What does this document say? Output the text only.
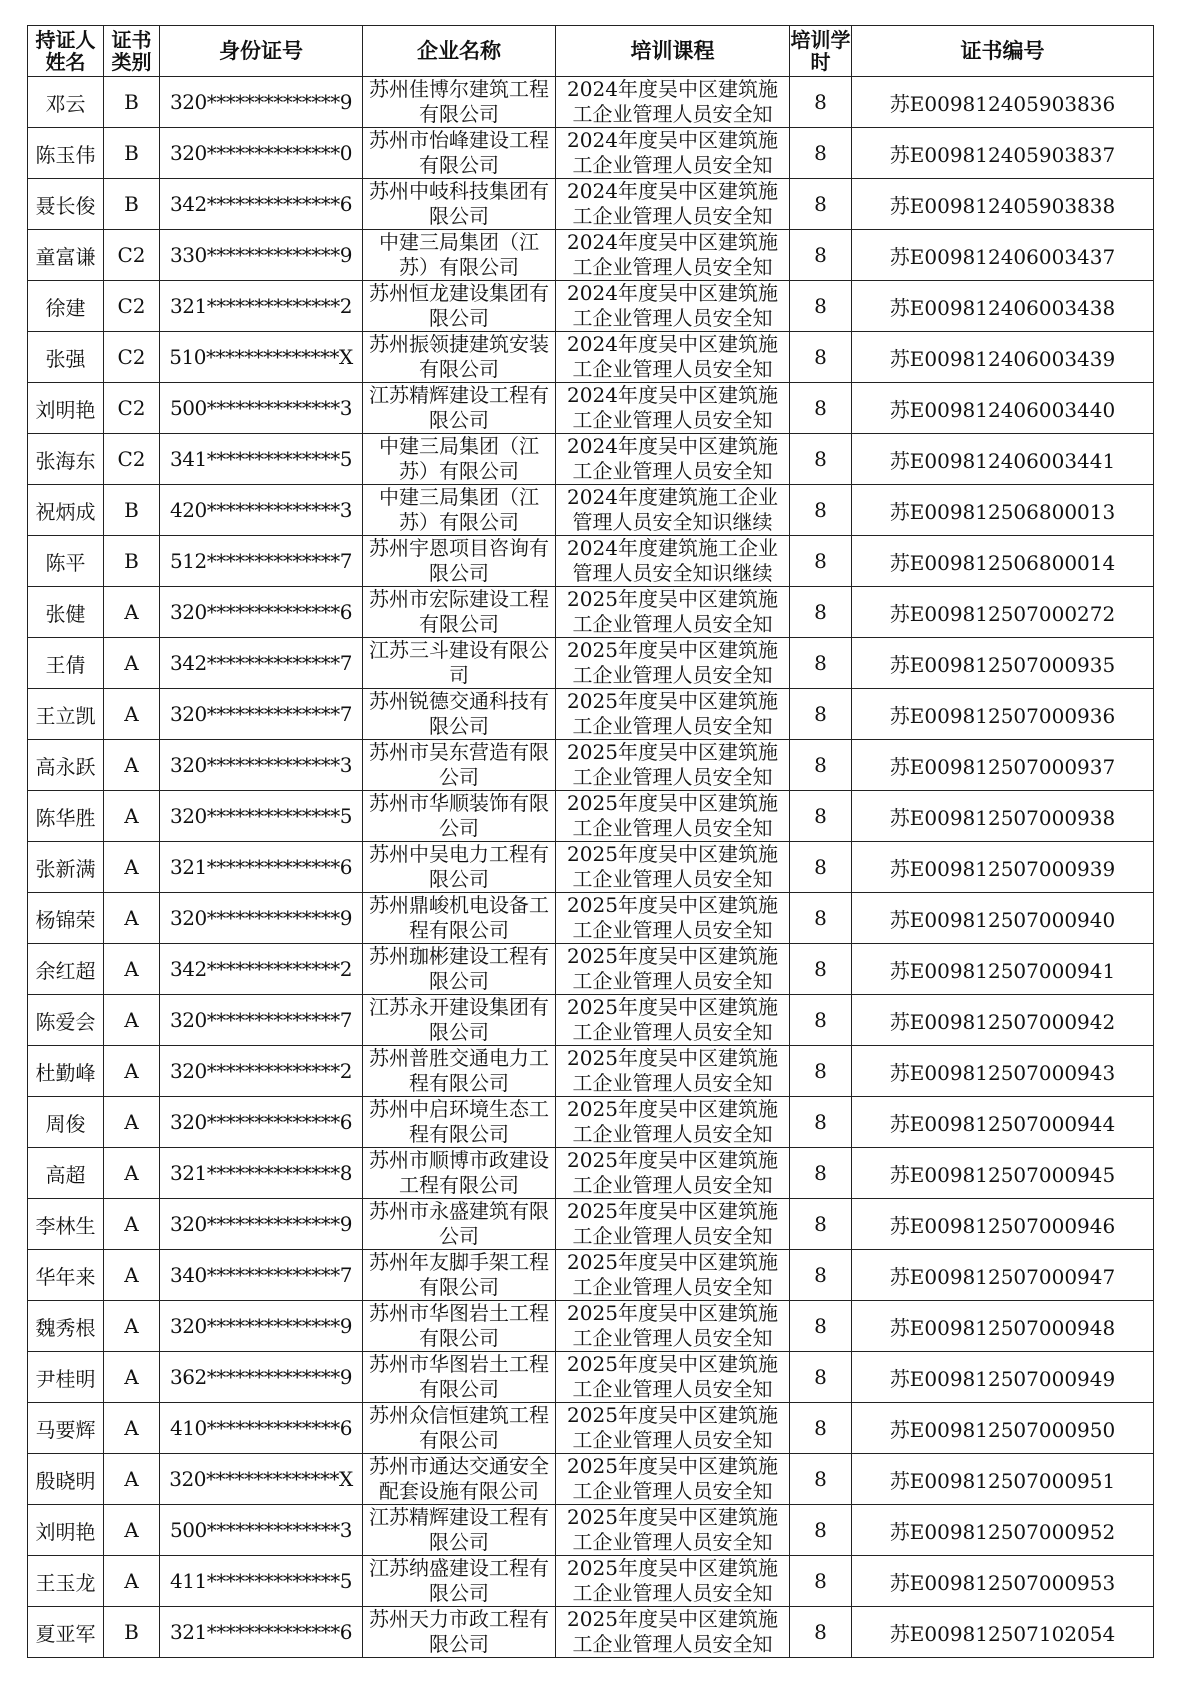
持证人姓名	证书类别	身份证号	企业名称	培训课程	培训学时	证书编号
邓云	B	320**************9	苏州佳博尔建筑工程有限公司	2024年度吴中区建筑施工企业管理人员安全知	8	苏E009812405903836
陈玉伟	B	320**************0	苏州市怡峰建设工程有限公司	2024年度吴中区建筑施工企业管理人员安全知	8	苏E009812405903837
聂长俊	B	342**************6	苏州中岐科技集团有限公司	2024年度吴中区建筑施工企业管理人员安全知	8	苏E009812405903838
童富谦	C2	330**************9	中建三局集团（江苏）有限公司	2024年度吴中区建筑施工企业管理人员安全知	8	苏E009812406003437
徐建	C2	321**************2	苏州恒龙建设集团有限公司	2024年度吴中区建筑施工企业管理人员安全知	8	苏E009812406003438
张强	C2	510**************X	苏州振领捷建筑安装有限公司	2024年度吴中区建筑施工企业管理人员安全知	8	苏E009812406003439
刘明艳	C2	500**************3	江苏精辉建设工程有限公司	2024年度吴中区建筑施工企业管理人员安全知	8	苏E009812406003440
张海东	C2	341**************5	中建三局集团（江苏）有限公司	2024年度吴中区建筑施工企业管理人员安全知	8	苏E009812406003441
祝炳成	B	420**************3	中建三局集团（江苏）有限公司	2024年度建筑施工企业管理人员安全知识继续	8	苏E009812506800013
陈平	B	512**************7	苏州宇恩项目咨询有限公司	2024年度建筑施工企业管理人员安全知识继续	8	苏E009812506800014
张健	A	320**************6	苏州市宏际建设工程有限公司	2025年度吴中区建筑施工企业管理人员安全知	8	苏E009812507000272
王倩	A	342**************7	江苏三斗建设有限公司	2025年度吴中区建筑施工企业管理人员安全知	8	苏E009812507000935
王立凯	A	320**************7	苏州锐德交通科技有限公司	2025年度吴中区建筑施工企业管理人员安全知	8	苏E009812507000936
高永跃	A	320**************3	苏州市吴东营造有限公司	2025年度吴中区建筑施工企业管理人员安全知	8	苏E009812507000937
陈华胜	A	320**************5	苏州市华顺装饰有限公司	2025年度吴中区建筑施工企业管理人员安全知	8	苏E009812507000938
张新满	A	321**************6	苏州中吴电力工程有限公司	2025年度吴中区建筑施工企业管理人员安全知	8	苏E009812507000939
杨锦荣	A	320**************9	苏州鼎峻机电设备工程有限公司	2025年度吴中区建筑施工企业管理人员安全知	8	苏E009812507000940
余红超	A	342**************2	苏州珈彬建设工程有限公司	2025年度吴中区建筑施工企业管理人员安全知	8	苏E009812507000941
陈爱会	A	320**************7	江苏永开建设集团有限公司	2025年度吴中区建筑施工企业管理人员安全知	8	苏E009812507000942
杜勤峰	A	320**************2	苏州普胜交通电力工程有限公司	2025年度吴中区建筑施工企业管理人员安全知	8	苏E009812507000943
周俊	A	320**************6	苏州中启环境生态工程有限公司	2025年度吴中区建筑施工企业管理人员安全知	8	苏E009812507000944
高超	A	321**************8	苏州市顺博市政建设工程有限公司	2025年度吴中区建筑施工企业管理人员安全知	8	苏E009812507000945
李林生	A	320**************9	苏州市永盛建筑有限公司	2025年度吴中区建筑施工企业管理人员安全知	8	苏E009812507000946
华年来	A	340**************7	苏州年友脚手架工程有限公司	2025年度吴中区建筑施工企业管理人员安全知	8	苏E009812507000947
魏秀根	A	320**************9	苏州市华图岩土工程有限公司	2025年度吴中区建筑施工企业管理人员安全知	8	苏E009812507000948
尹桂明	A	362**************9	苏州市华图岩土工程有限公司	2025年度吴中区建筑施工企业管理人员安全知	8	苏E009812507000949
马要辉	A	410**************6	苏州众信恒建筑工程有限公司	2025年度吴中区建筑施工企业管理人员安全知	8	苏E009812507000950
殷晓明	A	320**************X	苏州市通达交通安全配套设施有限公司	2025年度吴中区建筑施工企业管理人员安全知	8	苏E009812507000951
刘明艳	A	500**************3	江苏精辉建设工程有限公司	2025年度吴中区建筑施工企业管理人员安全知	8	苏E009812507000952
王玉龙	A	411**************5	江苏纳盛建设工程有限公司	2025年度吴中区建筑施工企业管理人员安全知	8	苏E009812507000953
夏亚军	B	321**************6	苏州天力市政工程有限公司	2025年度吴中区建筑施工企业管理人员安全知	8	苏E009812507102054
